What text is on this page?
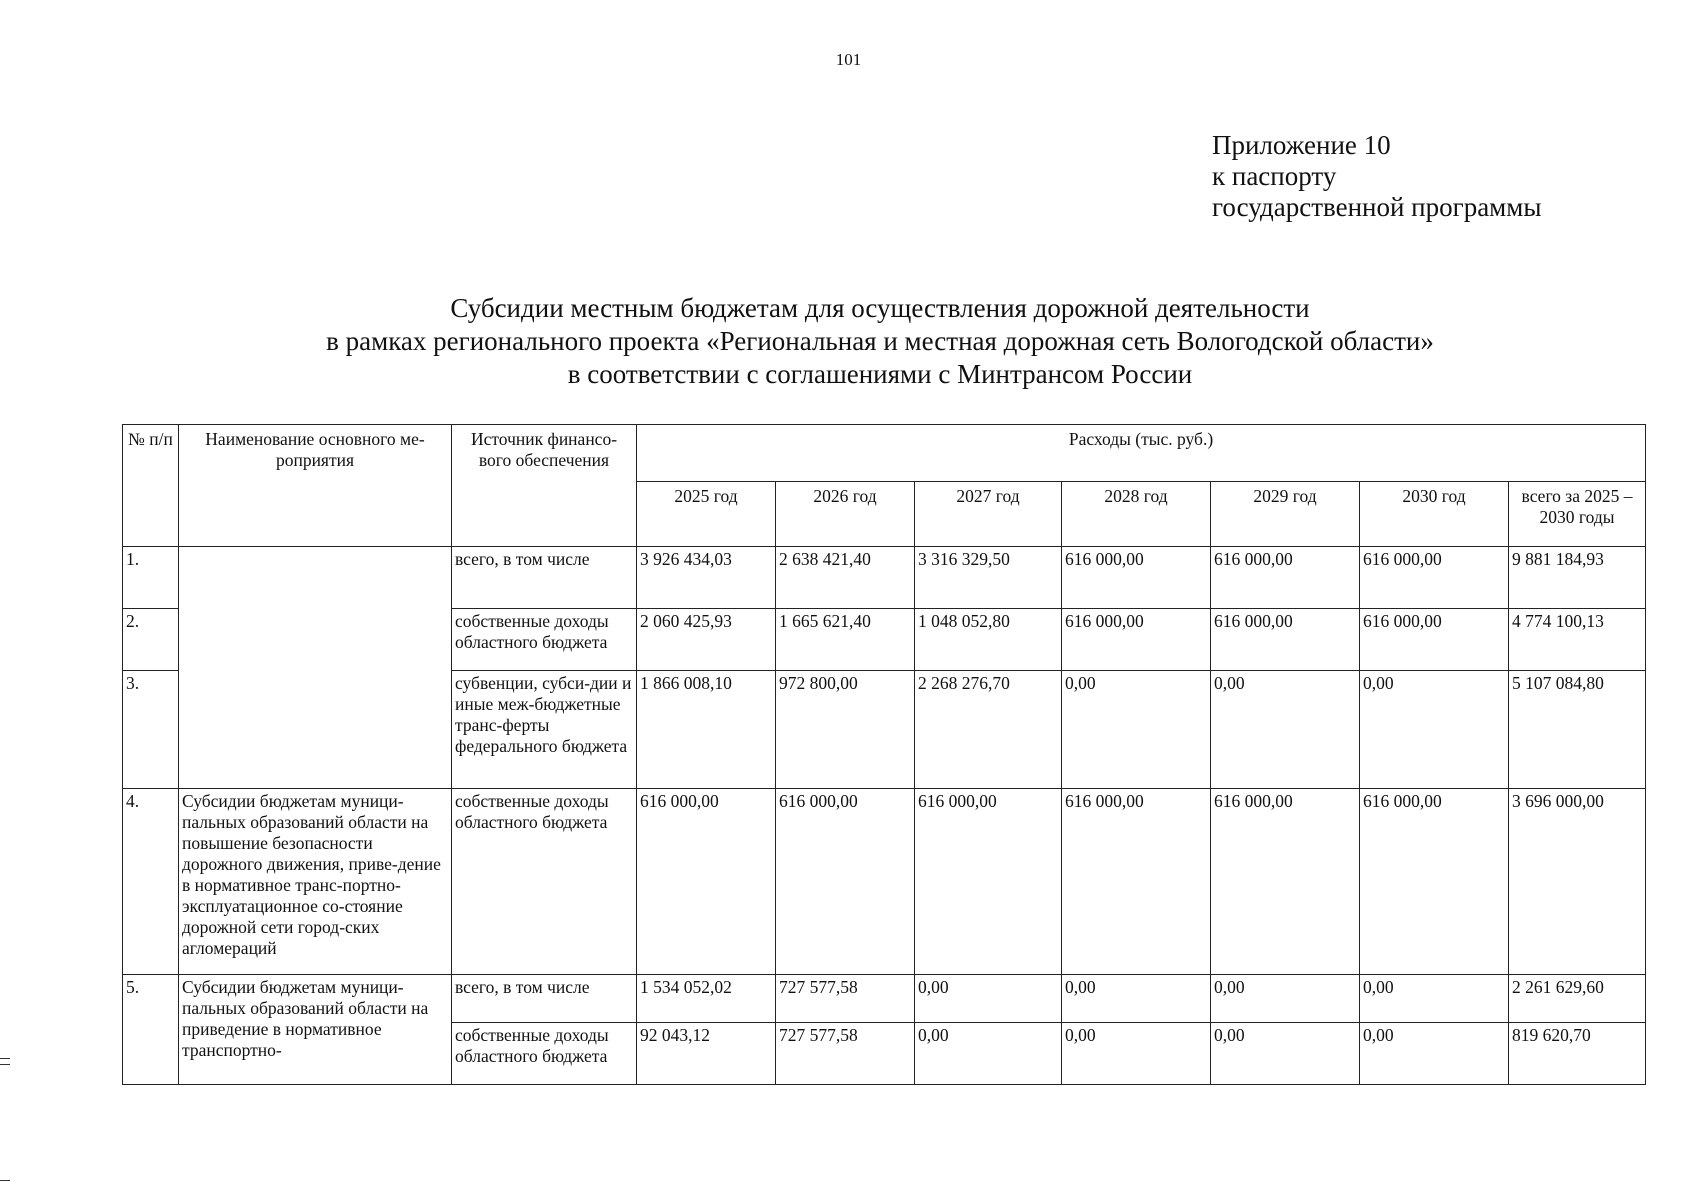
101
Приложение 10
к паспорту
государственной программы
Субсидии местным бюджетам для осуществления дорожной деятельности
в рамках регионального проекта «Региональная и местная дорожная сеть Вологодской области»
в соответствии с соглашениями с Минтрансом России
№ п/п	Наименование основного ме-роприятия	Источник финансо-вого обеспечения	Расходы (тыс. руб.)						
			2025 год	2026 год	2027 год	2028 год	2029 год	2030 год	всего за 2025 – 2030 годы
1.		всего, в том числе	3 926 434,03	2 638 421,40	3 316 329,50	616 000,00	616 000,00	616 000,00	9 881 184,93
2.		собственные доходы областного бюджета	2 060 425,93	1 665 621,40	1 048 052,80	616 000,00	616 000,00	616 000,00	4 774 100,13
3.		субвенции, субси-дии и иные меж-бюджетные транс-ферты федерального бюджета	1 866 008,10	972 800,00	2 268 276,70	0,00	0,00	0,00	5 107 084,80
4.	Субсидии бюджетам муници-пальных образований области на повышение безопасности дорожного движения, приве-дение в нормативное транс-портно-эксплуатационное со-стояние дорожной сети город-ских агломераций	собственные доходы областного бюджета	616 000,00	616 000,00	616 000,00	616 000,00	616 000,00	616 000,00	3 696 000,00
5.	Субсидии бюджетам муници-пальных образований области на приведение в нормативное транспортно-	всего, в том числе	1 534 052,02	727 577,58	0,00	0,00	0,00	0,00	2 261 629,60
		собственные доходы областного бюджета	92 043,12	727 577,58	0,00	0,00	0,00	0,00	819 620,70
